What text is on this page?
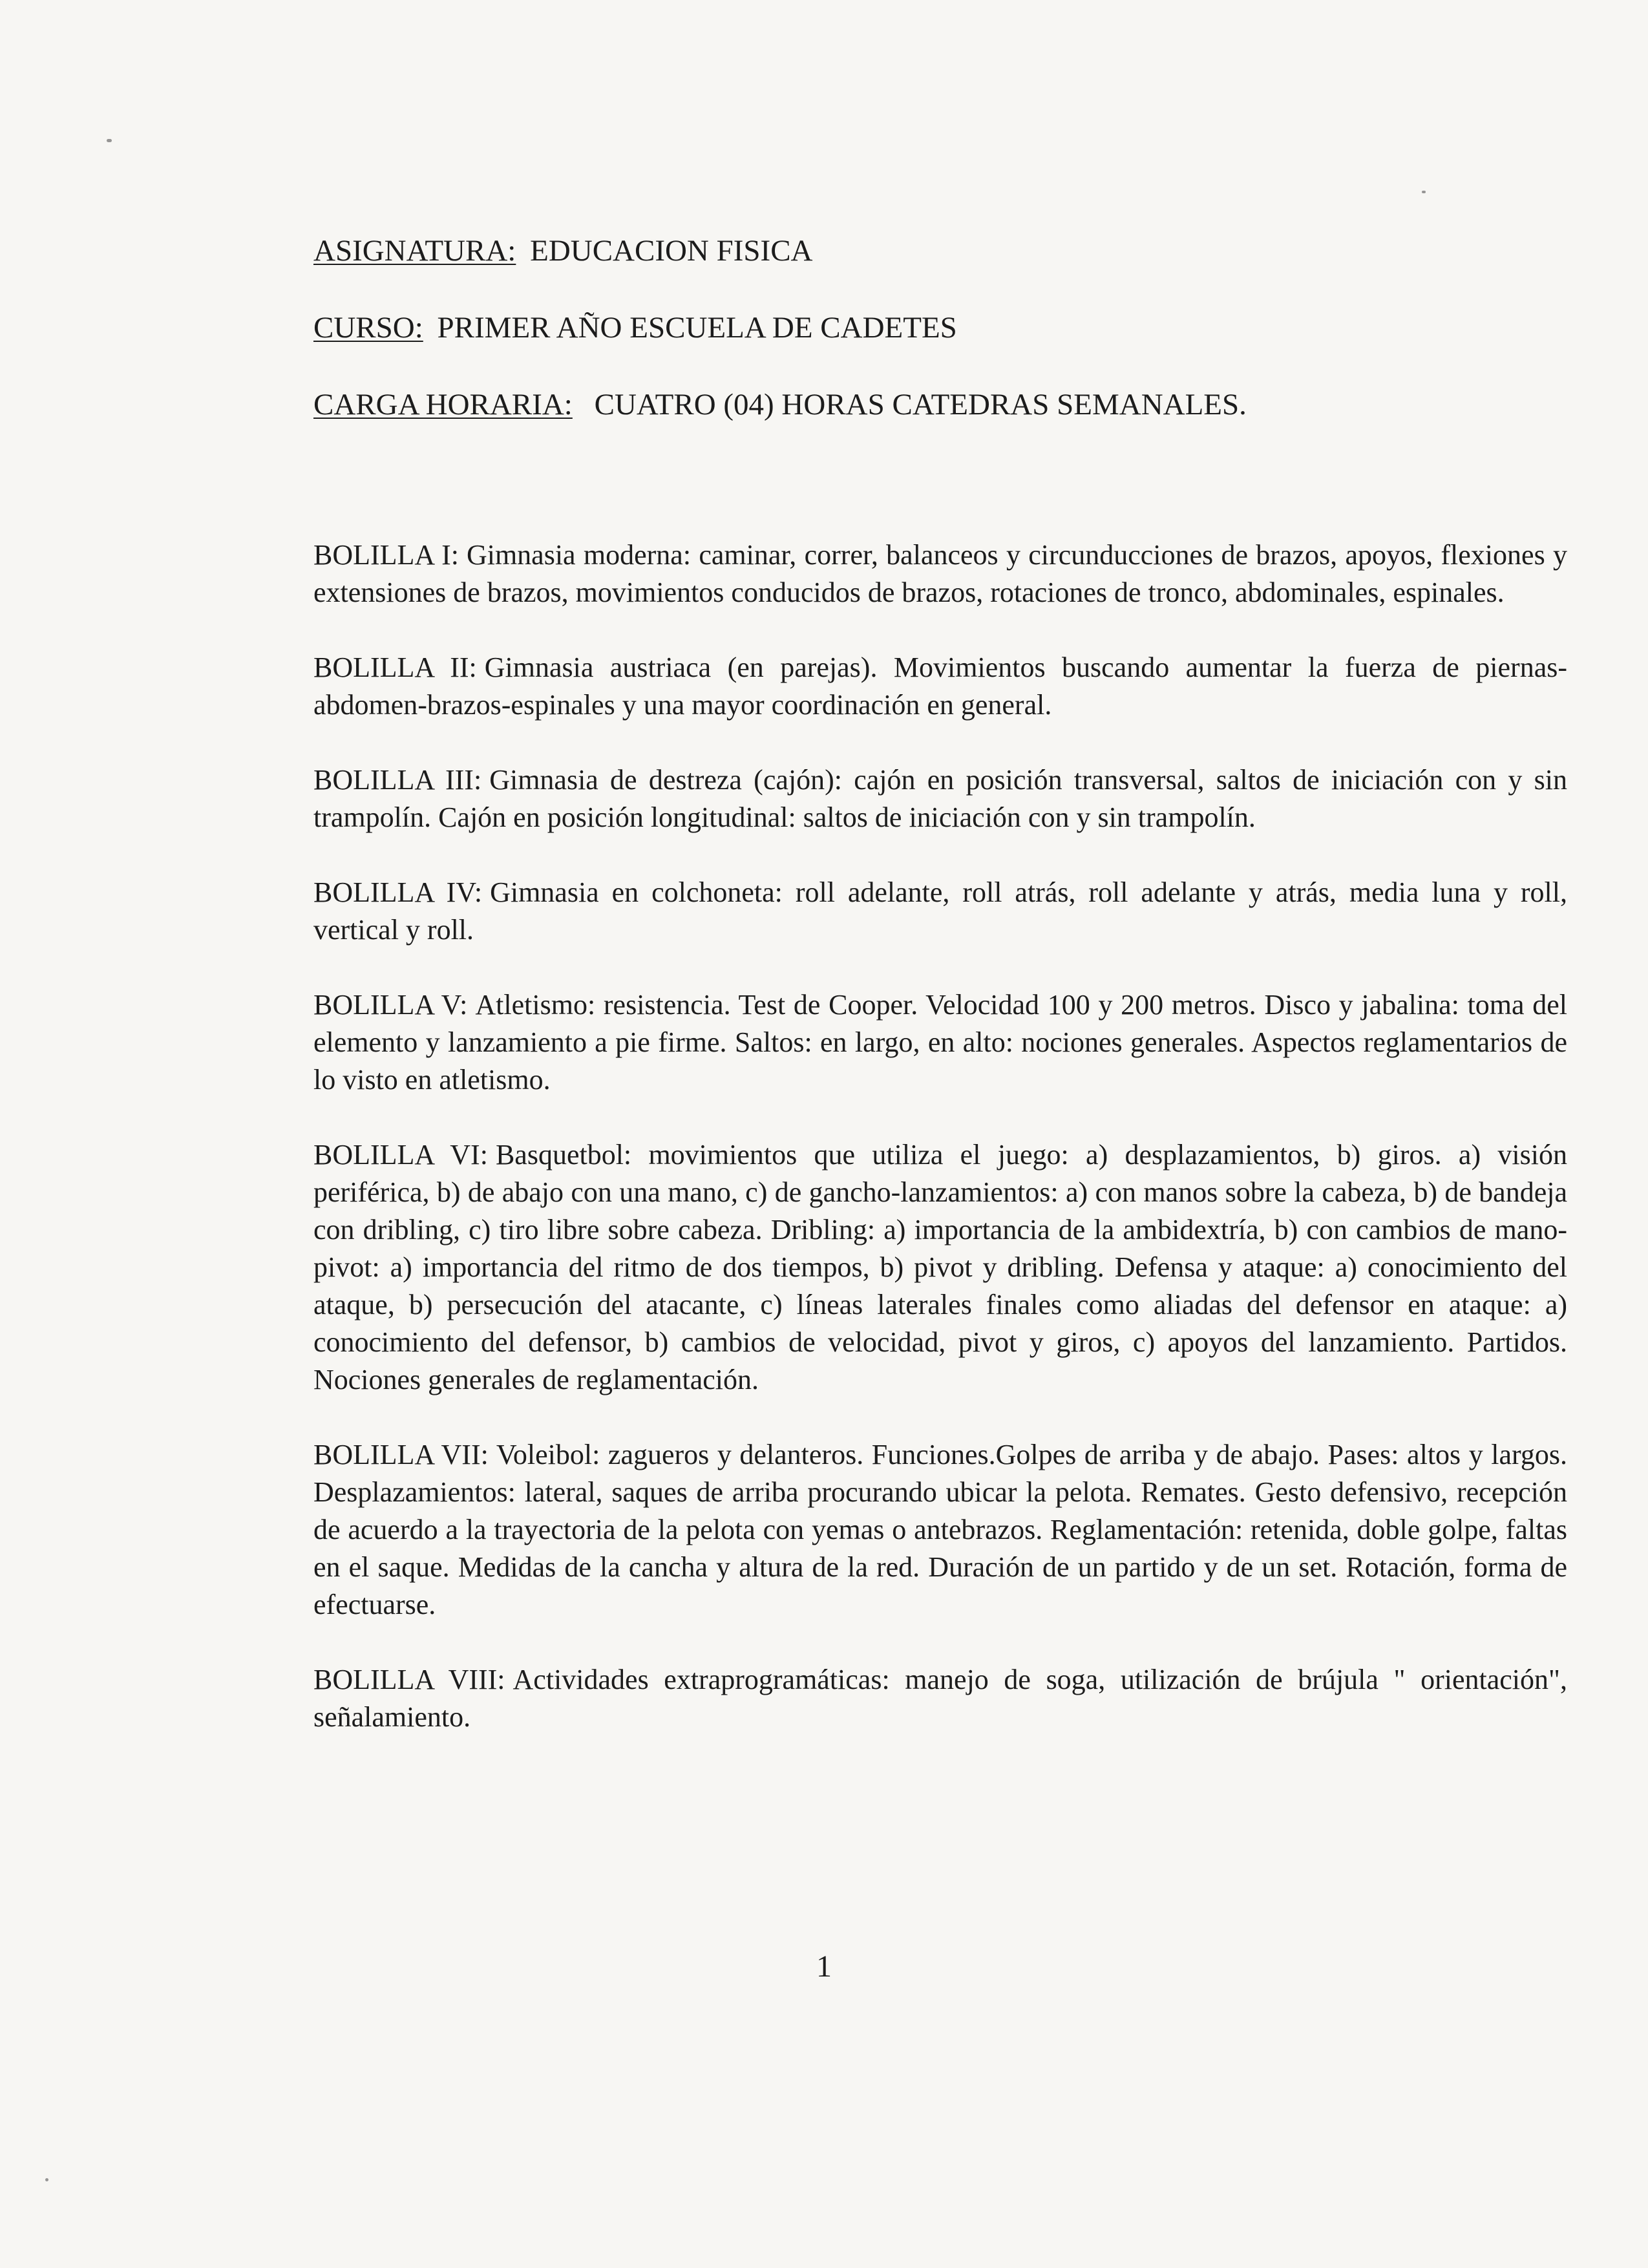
ASIGNATURA: EDUCACION FISICA
CURSO: PRIMER AÑO ESCUELA DE CADETES
CARGA HORARIA: CUATRO (04) HORAS CATEDRAS SEMANALES.

BOLILLA I: Gimnasia moderna: caminar, correr, balanceos y circunducciones de brazos, apoyos, flexiones y extensiones de brazos, movimientos conducidos de brazos, rotaciones de tronco, abdominales, espinales.

BOLILLA II: Gimnasia austriaca (en parejas). Movimientos buscando aumentar la fuerza de piernas-abdomen-brazos-espinales y una mayor coordinación en general.

BOLILLA III: Gimnasia de destreza (cajón): cajón en posición transversal, saltos de iniciación con y sin trampolín. Cajón en posición longitudinal: saltos de iniciación con y sin trampolín.

BOLILLA IV: Gimnasia en colchoneta: roll adelante, roll atrás, roll adelante y atrás, media luna y roll, vertical y roll.

BOLILLA V: Atletismo: resistencia. Test de Cooper. Velocidad 100 y 200 metros. Disco y jabalina: toma del elemento y lanzamiento a pie firme. Saltos: en largo, en alto: nociones generales. Aspectos reglamentarios de lo visto en atletismo.

BOLILLA VI: Basquetbol: movimientos que utiliza el juego: a) desplazamientos, b) giros. a) visión periférica, b) de abajo con una mano, c) de gancho-lanzamientos: a) con manos sobre la cabeza, b) de bandeja con dribling, c) tiro libre sobre cabeza. Dribling: a) importancia de la ambidextría, b) con cambios de mano-pivot: a) importancia del ritmo de dos tiempos, b) pivot y dribling. Defensa y ataque: a) conocimiento del ataque, b) persecución del atacante, c) líneas laterales finales como aliadas del defensor en ataque: a) conocimiento del defensor, b) cambios de velocidad, pivot y giros, c) apoyos del lanzamiento. Partidos. Nociones generales de reglamentación.

BOLILLA VII: Voleibol: zagueros y delanteros. Funciones.Golpes de arriba y de abajo. Pases: altos y largos. Desplazamientos: lateral, saques de arriba procurando ubicar la pelota. Remates. Gesto defensivo, recepción de acuerdo a la trayectoria de la pelota con yemas o antebrazos. Reglamentación: retenida, doble golpe, faltas en el saque. Medidas de la cancha y altura de la red. Duración de un partido y de un set. Rotación, forma de efectuarse.

BOLILLA VIII: Actividades extraprogramáticas: manejo de soga, utilización de brújula " orientación", señalamiento.

1
